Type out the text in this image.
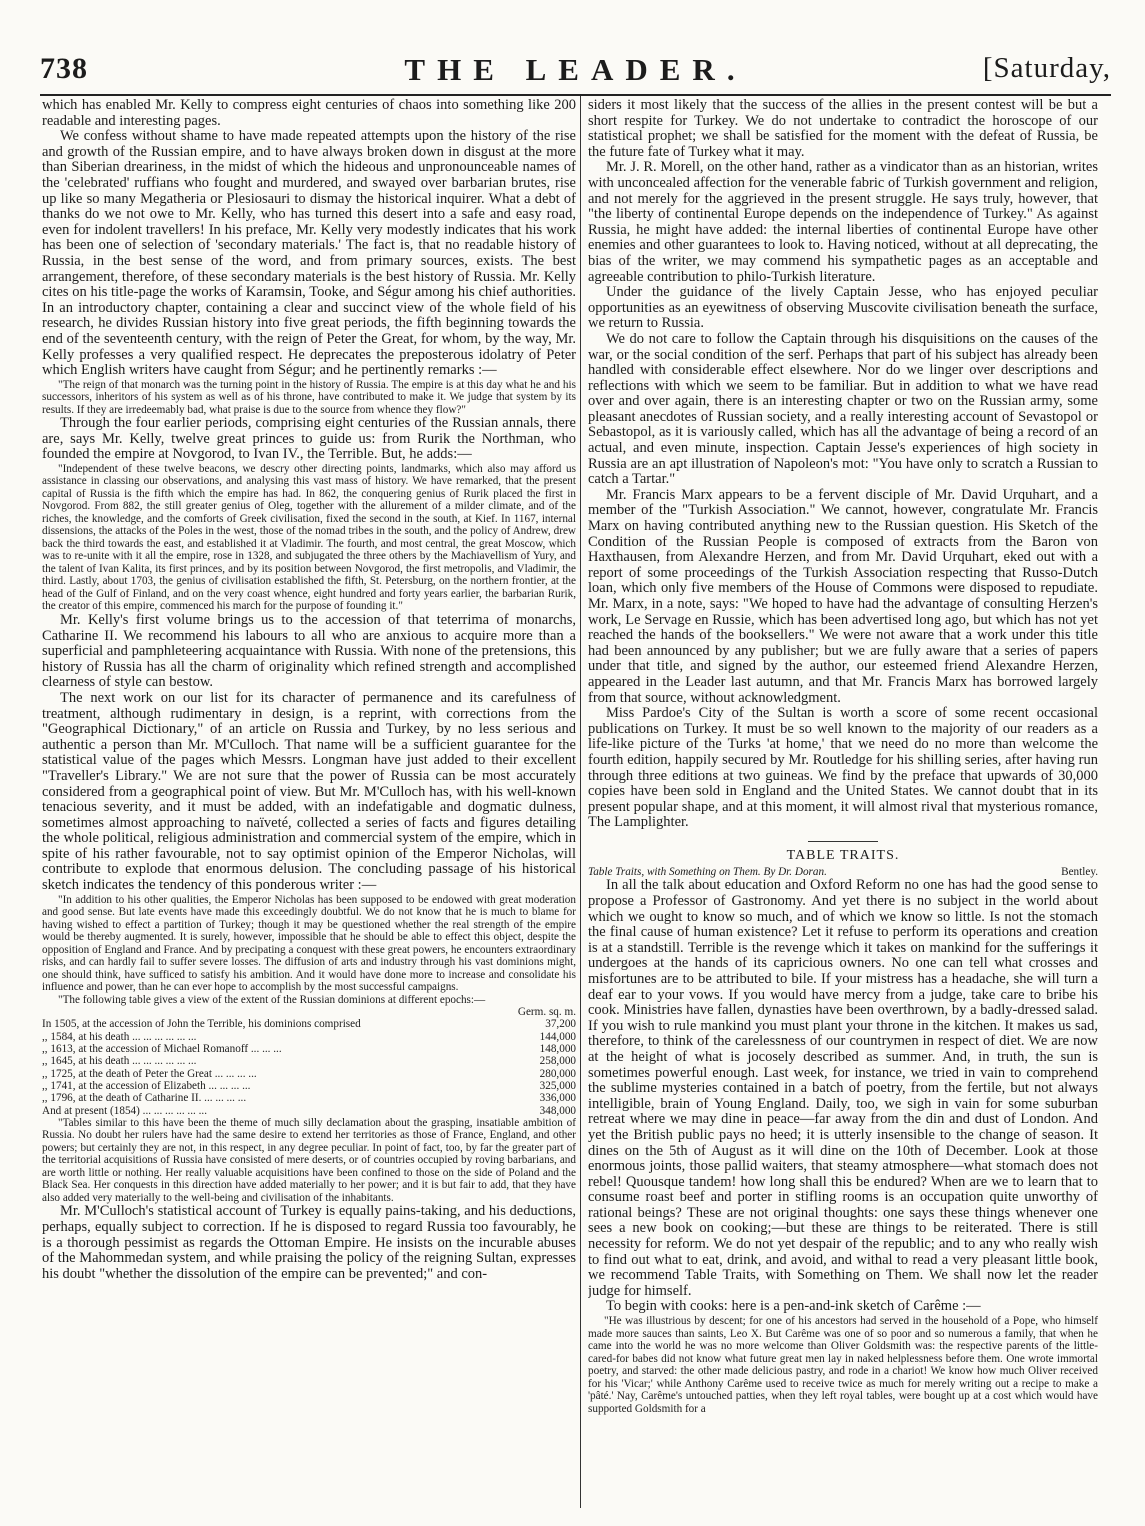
738	THE LEADER.	[Saturday,

which has enabled Mr. Kelly to compress eight centuries of chaos into something like 200 readable and interesting pages.

We confess without shame to have made repeated attempts upon the history of the rise and growth of the Russian empire, and to have always broken down in disgust at the more than Siberian dreariness, in the midst of which the hideous and unpronounceable names of the 'celebrated' ruffians who fought and murdered, and swayed over barbarian brutes, rise up like so many Megatheria or Plesiosauri to dismay the historical inquirer. What a debt of thanks do we not owe to Mr. Kelly, who has turned this desert into a safe and easy road, even for indolent travellers! In his preface, Mr. Kelly very modestly indicates that his work has been one of selection of 'secondary materials.' The fact is, that no readable history of Russia, in the best sense of the word, and from primary sources, exists. The best arrangement, therefore, of these secondary materials is the best history of Russia. Mr. Kelly cites on his title-page the works of Karamsin, Tooke, and Ségur among his chief authorities. In an introductory chapter, containing a clear and succinct view of the whole field of his research, he divides Russian history into five great periods, the fifth beginning towards the end of the seventeenth century, with the reign of Peter the Great, for whom, by the way, Mr. Kelly professes a very qualified respect. He deprecates the preposterous idolatry of Peter which English writers have caught from Ségur; and he pertinently remarks :—

"The reign of that monarch was the turning point in the history of Russia. The empire is at this day what he and his successors, inheritors of his system as well as of his throne, have contributed to make it. We judge that system by its results. If they are irredeemably bad, what praise is due to the source from whence they flow?"

Through the four earlier periods, comprising eight centuries of the Russian annals, there are, says Mr. Kelly, twelve great princes to guide us: from Rurik the Northman, who founded the empire at Novgorod, to Ivan IV., the Terrible. But, he adds:—

"Independent of these twelve beacons, we descry other directing points, landmarks, which also may afford us assistance in classing our observations, and analysing this vast mass of history. We have remarked, that the present capital of Russia is the fifth which the empire has had. In 862, the conquering genius of Rurik placed the first in Novgorod. From 882, the still greater genius of Oleg, together with the allurement of a milder climate, and of the riches, the knowledge, and the comforts of Greek civilisation, fixed the second in the south, at Kief. In 1167, internal dissensions, the attacks of the Poles in the west, those of the nomad tribes in the south, and the policy of Andrew, drew back the third towards the east, and established it at Vladimir. The fourth, and most central, the great Moscow, which was to re-unite with it all the empire, rose in 1328, and subjugated the three others by the Machiavellism of Yury, and the talent of Ivan Kalita, its first princes, and by its position between Novgorod, the first metropolis, and Vladimir, the third. Lastly, about 1703, the genius of civilisation established the fifth, St. Petersburg, on the northern frontier, at the head of the Gulf of Finland, and on the very coast whence, eight hundred and forty years earlier, the barbarian Rurik, the creator of this empire, commenced his march for the purpose of founding it."

Mr. Kelly's first volume brings us to the accession of that teterrima of monarchs, Catharine II. We recommend his labours to all who are anxious to acquire more than a superficial and pamphleteering acquaintance with Russia. With none of the pretensions, this history of Russia has all the charm of originality which refined strength and accomplished clearness of style can bestow.

The next work on our list for its character of permanence and its carefulness of treatment, although rudimentary in design, is a reprint, with corrections from the "Geographical Dictionary," of an article on Russia and Turkey, by no less serious and authentic a person than Mr. M'Culloch. That name will be a sufficient guarantee for the statistical value of the pages which Messrs. Longman have just added to their excellent "Traveller's Library." We are not sure that the power of Russia can be most accurately considered from a geographical point of view. But Mr. M'Culloch has, with his well-known tenacious severity, and it must be added, with an indefatigable and dogmatic dulness, sometimes almost approaching to naïveté, collected a series of facts and figures detailing the whole political, religious administration and commercial system of the empire, which in spite of his rather favourable, not to say optimist opinion of the Emperor Nicholas, will contribute to explode that enormous delusion. The concluding passage of his historical sketch indicates the tendency of this ponderous writer :—

"In addition to his other qualities, the Emperor Nicholas has been supposed to be endowed with great moderation and good sense. But late events have made this exceedingly doubtful. We do not know that he is much to blame for having wished to effect a partition of Turkey; though it may be questioned whether the real strength of the empire would be thereby augmented. It is surely, however, impossible that he should be able to effect this object, despite the opposition of England and France. And by precipating a conquest with these great powers, he encounters extraordinary risks, and can hardly fail to suffer severe losses. The diffusion of arts and industry through his vast dominions might, one should think, have sufficed to satisfy his ambition. And it would have done more to increase and consolidate his influence and power, than he can ever hope to accomplish by the most successful campaigns.

"The following table gives a view of the extent of the Russian dominions at different epochs:—

Germ. sq. m.
In 1505, at the accession of John the Terrible, his dominions comprised	37,200
,, 1584, at his death ... ... ... ... ... ...	144,000
,, 1613, at the accession of Michael Romanoff ... ... ...	148,000
,, 1645, at his death ... ... ... ... ... ...	258,000
,, 1725, at the death of Peter the Great ... ... ... ...	280,000
,, 1741, at the accession of Elizabeth ... ... ... ...	325,000
,, 1796, at the death of Catharine II. ... ... ... ...	336,000
And at present (1854) ... ... ... ... ... ...	348,000

"Tables similar to this have been the theme of much silly declamation about the grasping, insatiable ambition of Russia. No doubt her rulers have had the same desire to extend her territories as those of France, England, and other powers; but certainly they are not, in this respect, in any degree peculiar. In point of fact, too, by far the greater part of the territorial acquisitions of Russia have consisted of mere deserts, or of countries occupied by roving barbarians, and are worth little or nothing. Her really valuable acquisitions have been confined to those on the side of Poland and the Black Sea. Her conquests in this direction have added materially to her power; and it is but fair to add, that they have also added very materially to the well-being and civilisation of the inhabitants.

Mr. M'Culloch's statistical account of Turkey is equally pains-taking, and his deductions, perhaps, equally subject to correction. If he is disposed to regard Russia too favourably, he is a thorough pessimist as regards the Ottoman Empire. He insists on the incurable abuses of the Mahommedan system, and while praising the policy of the reigning Sultan, expresses his doubt "whether the dissolution of the empire can be prevented;" and con-

siders it most likely that the success of the allies in the present contest will be but a short respite for Turkey. We do not undertake to contradict the horoscope of our statistical prophet; we shall be satisfied for the moment with the defeat of Russia, be the future fate of Turkey what it may.

Mr. J. R. Morell, on the other hand, rather as a vindicator than as an historian, writes with unconcealed affection for the venerable fabric of Turkish government and religion, and not merely for the aggrieved in the present struggle. He says truly, however, that "the liberty of continental Europe depends on the independence of Turkey." As against Russia, he might have added: the internal liberties of continental Europe have other enemies and other guarantees to look to. Having noticed, without at all deprecating, the bias of the writer, we may commend his sympathetic pages as an acceptable and agreeable contribution to philo-Turkish literature.

Under the guidance of the lively Captain Jesse, who has enjoyed peculiar opportunities as an eyewitness of observing Muscovite civilisation beneath the surface, we return to Russia.

We do not care to follow the Captain through his disquisitions on the causes of the war, or the social condition of the serf. Perhaps that part of his subject has already been handled with considerable effect elsewhere. Nor do we linger over descriptions and reflections with which we seem to be familiar. But in addition to what we have read over and over again, there is an interesting chapter or two on the Russian army, some pleasant anecdotes of Russian society, and a really interesting account of Sevastopol or Sebastopol, as it is variously called, which has all the advantage of being a record of an actual, and even minute, inspection. Captain Jesse's experiences of high society in Russia are an apt illustration of Napoleon's mot: "You have only to scratch a Russian to catch a Tartar."

Mr. Francis Marx appears to be a fervent disciple of Mr. David Urquhart, and a member of the "Turkish Association." We cannot, however, congratulate Mr. Francis Marx on having contributed anything new to the Russian question. His Sketch of the Condition of the Russian People is composed of extracts from the Baron von Haxthausen, from Alexandre Herzen, and from Mr. David Urquhart, eked out with a report of some proceedings of the Turkish Association respecting that Russo-Dutch loan, which only five members of the House of Commons were disposed to repudiate. Mr. Marx, in a note, says: "We hoped to have had the advantage of consulting Herzen's work, Le Servage en Russie, which has been advertised long ago, but which has not yet reached the hands of the booksellers." We were not aware that a work under this title had been announced by any publisher; but we are fully aware that a series of papers under that title, and signed by the author, our esteemed friend Alexandre Herzen, appeared in the Leader last autumn, and that Mr. Francis Marx has borrowed largely from that source, without acknowledgment.

Miss Pardoe's City of the Sultan is worth a score of some recent occasional publications on Turkey. It must be so well known to the majority of our readers as a life-like picture of the Turks 'at home,' that we need do no more than welcome the fourth edition, happily secured by Mr. Routledge for his shilling series, after having run through three editions at two guineas. We find by the preface that upwards of 30,000 copies have been sold in England and the United States. We cannot doubt that in its present popular shape, and at this moment, it will almost rival that mysterious romance, The Lamplighter.

TABLE TRAITS.
Table Traits, with Something on Them. By Dr. Doran.	Bentley.

In all the talk about education and Oxford Reform no one has had the good sense to propose a Professor of Gastronomy. And yet there is no subject in the world about which we ought to know so much, and of which we know so little. Is not the stomach the final cause of human existence? Let it refuse to perform its operations and creation is at a standstill. Terrible is the revenge which it takes on mankind for the sufferings it undergoes at the hands of its capricious owners. No one can tell what crosses and misfortunes are to be attributed to bile. If your mistress has a headache, she will turn a deaf ear to your vows. If you would have mercy from a judge, take care to bribe his cook. Ministries have fallen, dynasties have been overthrown, by a badly-dressed salad. If you wish to rule mankind you must plant your throne in the kitchen. It makes us sad, therefore, to think of the carelessness of our countrymen in respect of diet. We are now at the height of what is jocosely described as summer. And, in truth, the sun is sometimes powerful enough. Last week, for instance, we tried in vain to comprehend the sublime mysteries contained in a batch of poetry, from the fertile, but not always intelligible, brain of Young England. Daily, too, we sigh in vain for some suburban retreat where we may dine in peace—far away from the din and dust of London. And yet the British public pays no heed; it is utterly insensible to the change of season. It dines on the 5th of August as it will dine on the 10th of December. Look at those enormous joints, those pallid waiters, that steamy atmosphere—what stomach does not rebel! Quousque tandem! how long shall this be endured? When are we to learn that to consume roast beef and porter in stifling rooms is an occupation quite unworthy of rational beings? These are not original thoughts: one says these things whenever one sees a new book on cooking;—but these are things to be reiterated. There is still necessity for reform. We do not yet despair of the republic; and to any who really wish to find out what to eat, drink, and avoid, and withal to read a very pleasant little book, we recommend Table Traits, with Something on Them. We shall now let the reader judge for himself.

To begin with cooks: here is a pen-and-ink sketch of Carême :—

"He was illustrious by descent; for one of his ancestors had served in the household of a Pope, who himself made more sauces than saints, Leo X. But Carême was one of so poor and so numerous a family, that when he came into the world he was no more welcome than Oliver Goldsmith was: the respective parents of the little-cared-for babes did not know what future great men lay in naked helplessness before them. One wrote immortal poetry, and starved: the other made delicious pastry, and rode in a chariot! We know how much Oliver received for his 'Vicar;' while Anthony Carême used to receive twice as much for merely writing out a recipe to make a 'pâté.' Nay, Carême's untouched patties, when they left royal tables, were bought up at a cost which would have supported Goldsmith for a
